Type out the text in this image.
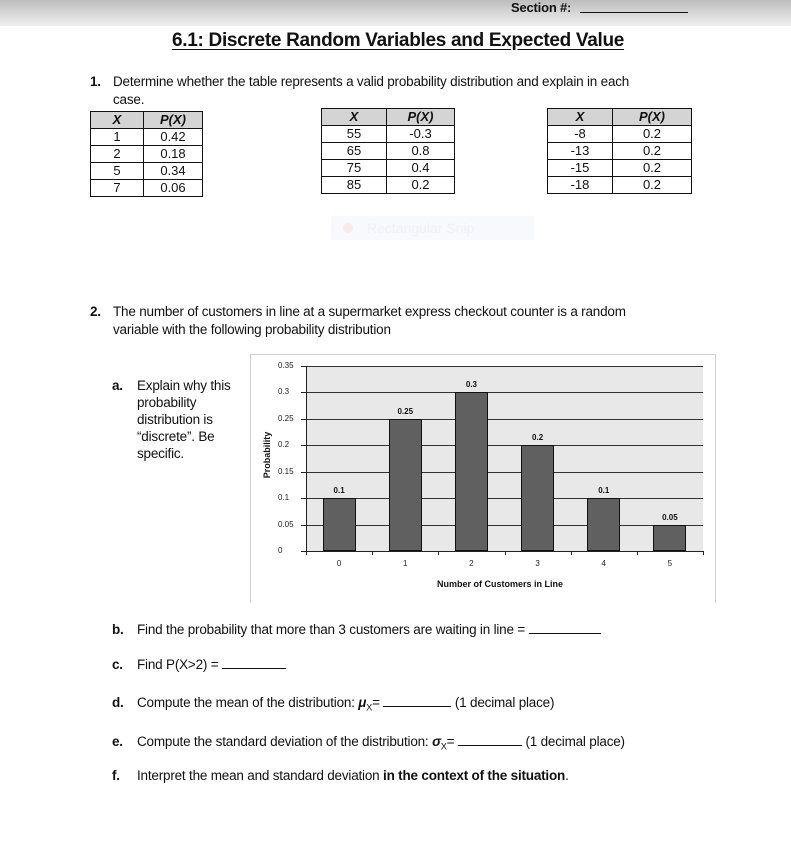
Section #:
6.1: Discrete Random Variables and Expected Value
1. Determine whether the table represents a valid probability distribution and explain in each
case.
X	P(X)
1	0.42
2	0.18
5	0.34
7	0.06
X	P(X)
55	-0.3
65	0.8
75	0.4
85	0.2
X	P(X)
-8	0.2
-13	0.2
-15	0.2
-18	0.2
Rectangular Snip
2. The number of customers in line at a supermarket express checkout counter is a random
variable with the following probability distribution
a. Explain why this
probability
distribution is
“discrete”. Be
specific.
0
0.05
0.1
0.15
0.2
0.25
0.3
0.35
0.1
0
0.25
1
0.3
2
0.2
3
0.1
4
0.05
5
Probability
Number of Customers in Line
b. Find the probability that more than 3 customers are waiting in line =
c. Find P(X>2) =
d. Compute the mean of the distribution: $\mu_X=$	(1 decimal place)
e. Compute the standard deviation of the distribution: $\sigma_X=$	(1 decimal place)
f. Interpret the mean and standard deviation in the context of the situation.
